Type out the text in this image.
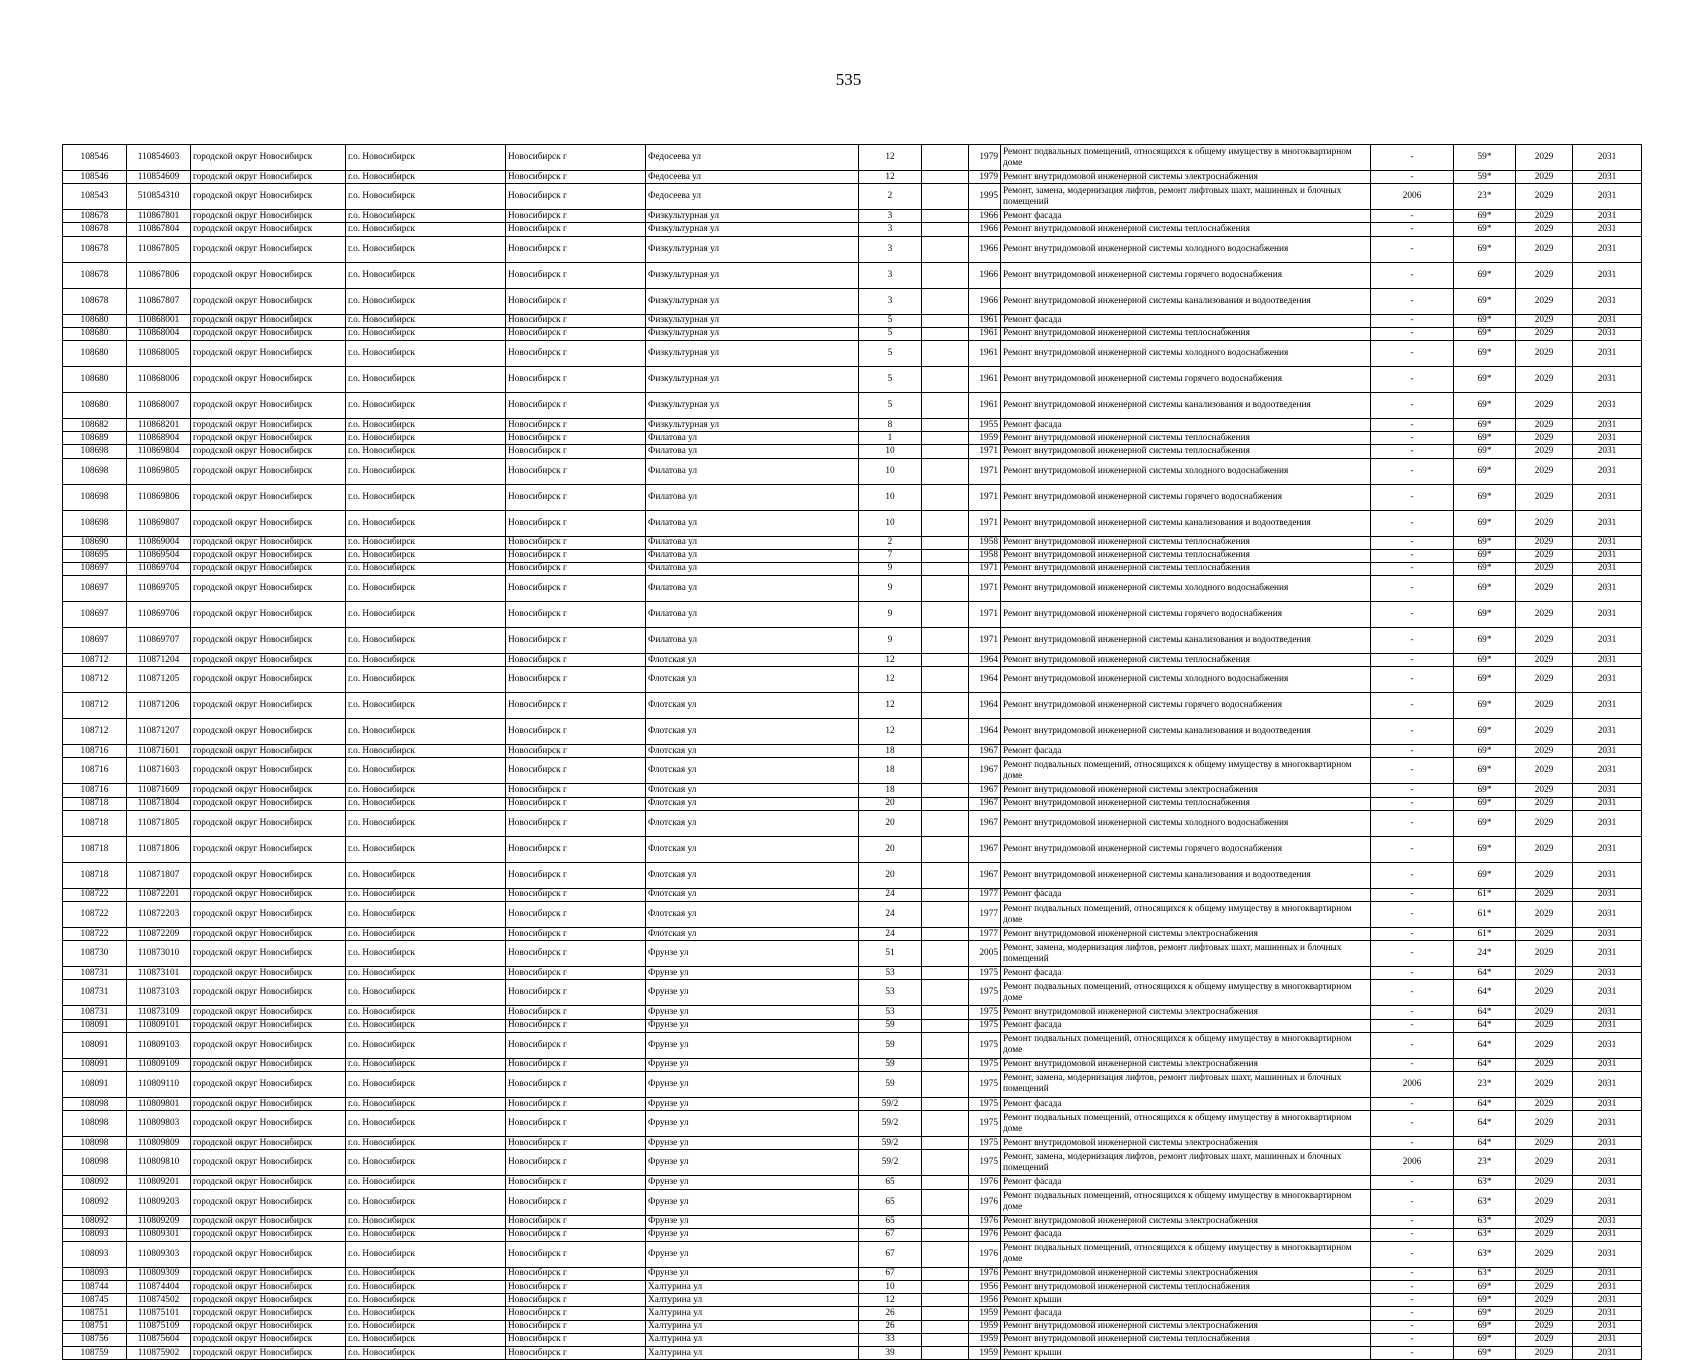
535
108546	110854603	городской округ Новосибирск	г.о. Новосибирск	Новосибирск г	Федосеева ул	12		1979	Ремонт подвальных помещений, относящихся к общему имуществу в многоквартирном доме	-	59*	2029	2031
108546	110854609	городской округ Новосибирск	г.о. Новосибирск	Новосибирск г	Федосеева ул	12		1979	Ремонт внутридомовой инженерной системы электроснабжения	-	59*	2029	2031
108543	510854310	городской округ Новосибирск	г.о. Новосибирск	Новосибирск г	Федосеева ул	2		1995	Ремонт, замена, модернизация лифтов, ремонт лифтовых шахт, машинных и блочных помещений	2006	23*	2029	2031
108678	110867801	городской округ Новосибирск	г.о. Новосибирск	Новосибирск г	Физкультурная ул	3		1966	Ремонт фасада	-	69*	2029	2031
108678	110867804	городской округ Новосибирск	г.о. Новосибирск	Новосибирск г	Физкультурная ул	3		1966	Ремонт внутридомовой инженерной системы теплоснабжения	-	69*	2029	2031
108678	110867805	городской округ Новосибирск	г.о. Новосибирск	Новосибирск г	Физкультурная ул	3		1966	Ремонт внутридомовой инженерной системы холодного водоснабжения	-	69*	2029	2031
108678	110867806	городской округ Новосибирск	г.о. Новосибирск	Новосибирск г	Физкультурная ул	3		1966	Ремонт внутридомовой инженерной системы горячего водоснабжения	-	69*	2029	2031
108678	110867807	городской округ Новосибирск	г.о. Новосибирск	Новосибирск г	Физкультурная ул	3		1966	Ремонт внутридомовой инженерной системы канализования и водоотведения	-	69*	2029	2031
108680	110868001	городской округ Новосибирск	г.о. Новосибирск	Новосибирск г	Физкультурная ул	5		1961	Ремонт фасада	-	69*	2029	2031
108680	110868004	городской округ Новосибирск	г.о. Новосибирск	Новосибирск г	Физкультурная ул	5		1961	Ремонт внутридомовой инженерной системы теплоснабжения	-	69*	2029	2031
108680	110868005	городской округ Новосибирск	г.о. Новосибирск	Новосибирск г	Физкультурная ул	5		1961	Ремонт внутридомовой инженерной системы холодного водоснабжения	-	69*	2029	2031
108680	110868006	городской округ Новосибирск	г.о. Новосибирск	Новосибирск г	Физкультурная ул	5		1961	Ремонт внутридомовой инженерной системы горячего водоснабжения	-	69*	2029	2031
108680	110868007	городской округ Новосибирск	г.о. Новосибирск	Новосибирск г	Физкультурная ул	5		1961	Ремонт внутридомовой инженерной системы канализования и водоотведения	-	69*	2029	2031
108682	110868201	городской округ Новосибирск	г.о. Новосибирск	Новосибирск г	Физкультурная ул	8		1955	Ремонт фасада	-	69*	2029	2031
108689	110868904	городской округ Новосибирск	г.о. Новосибирск	Новосибирск г	Филатова ул	1		1959	Ремонт внутридомовой инженерной системы теплоснабжения	-	69*	2029	2031
108698	110869804	городской округ Новосибирск	г.о. Новосибирск	Новосибирск г	Филатова ул	10		1971	Ремонт внутридомовой инженерной системы теплоснабжения	-	69*	2029	2031
108698	110869805	городской округ Новосибирск	г.о. Новосибирск	Новосибирск г	Филатова ул	10		1971	Ремонт внутридомовой инженерной системы холодного водоснабжения	-	69*	2029	2031
108698	110869806	городской округ Новосибирск	г.о. Новосибирск	Новосибирск г	Филатова ул	10		1971	Ремонт внутридомовой инженерной системы горячего водоснабжения	-	69*	2029	2031
108698	110869807	городской округ Новосибирск	г.о. Новосибирск	Новосибирск г	Филатова ул	10		1971	Ремонт внутридомовой инженерной системы канализования и водоотведения	-	69*	2029	2031
108690	110869004	городской округ Новосибирск	г.о. Новосибирск	Новосибирск г	Филатова ул	2		1958	Ремонт внутридомовой инженерной системы теплоснабжения	-	69*	2029	2031
108695	110869504	городской округ Новосибирск	г.о. Новосибирск	Новосибирск г	Филатова ул	7		1958	Ремонт внутридомовой инженерной системы теплоснабжения	-	69*	2029	2031
108697	110869704	городской округ Новосибирск	г.о. Новосибирск	Новосибирск г	Филатова ул	9		1971	Ремонт внутридомовой инженерной системы теплоснабжения	-	69*	2029	2031
108697	110869705	городской округ Новосибирск	г.о. Новосибирск	Новосибирск г	Филатова ул	9		1971	Ремонт внутридомовой инженерной системы холодного водоснабжения	-	69*	2029	2031
108697	110869706	городской округ Новосибирск	г.о. Новосибирск	Новосибирск г	Филатова ул	9		1971	Ремонт внутридомовой инженерной системы горячего водоснабжения	-	69*	2029	2031
108697	110869707	городской округ Новосибирск	г.о. Новосибирск	Новосибирск г	Филатова ул	9		1971	Ремонт внутридомовой инженерной системы канализования и водоотведения	-	69*	2029	2031
108712	110871204	городской округ Новосибирск	г.о. Новосибирск	Новосибирск г	Флотская ул	12		1964	Ремонт внутридомовой инженерной системы теплоснабжения	-	69*	2029	2031
108712	110871205	городской округ Новосибирск	г.о. Новосибирск	Новосибирск г	Флотская ул	12		1964	Ремонт внутридомовой инженерной системы холодного водоснабжения	-	69*	2029	2031
108712	110871206	городской округ Новосибирск	г.о. Новосибирск	Новосибирск г	Флотская ул	12		1964	Ремонт внутридомовой инженерной системы горячего водоснабжения	-	69*	2029	2031
108712	110871207	городской округ Новосибирск	г.о. Новосибирск	Новосибирск г	Флотская ул	12		1964	Ремонт внутридомовой инженерной системы канализования и водоотведения	-	69*	2029	2031
108716	110871601	городской округ Новосибирск	г.о. Новосибирск	Новосибирск г	Флотская ул	18		1967	Ремонт фасада	-	69*	2029	2031
108716	110871603	городской округ Новосибирск	г.о. Новосибирск	Новосибирск г	Флотская ул	18		1967	Ремонт подвальных помещений, относящихся к общему имуществу в многоквартирном доме	-	69*	2029	2031
108716	110871609	городской округ Новосибирск	г.о. Новосибирск	Новосибирск г	Флотская ул	18		1967	Ремонт внутридомовой инженерной системы электроснабжения	-	69*	2029	2031
108718	110871804	городской округ Новосибирск	г.о. Новосибирск	Новосибирск г	Флотская ул	20		1967	Ремонт внутридомовой инженерной системы теплоснабжения	-	69*	2029	2031
108718	110871805	городской округ Новосибирск	г.о. Новосибирск	Новосибирск г	Флотская ул	20		1967	Ремонт внутридомовой инженерной системы холодного водоснабжения	-	69*	2029	2031
108718	110871806	городской округ Новосибирск	г.о. Новосибирск	Новосибирск г	Флотская ул	20		1967	Ремонт внутридомовой инженерной системы горячего водоснабжения	-	69*	2029	2031
108718	110871807	городской округ Новосибирск	г.о. Новосибирск	Новосибирск г	Флотская ул	20		1967	Ремонт внутридомовой инженерной системы канализования и водоотведения	-	69*	2029	2031
108722	110872201	городской округ Новосибирск	г.о. Новосибирск	Новосибирск г	Флотская ул	24		1977	Ремонт фасада	-	61*	2029	2031
108722	110872203	городской округ Новосибирск	г.о. Новосибирск	Новосибирск г	Флотская ул	24		1977	Ремонт подвальных помещений, относящихся к общему имуществу в многоквартирном доме	-	61*	2029	2031
108722	110872209	городской округ Новосибирск	г.о. Новосибирск	Новосибирск г	Флотская ул	24		1977	Ремонт внутридомовой инженерной системы электроснабжения	-	61*	2029	2031
108730	110873010	городской округ Новосибирск	г.о. Новосибирск	Новосибирск г	Фрунзе ул	51		2005	Ремонт, замена, модернизация лифтов, ремонт лифтовых шахт, машинных и блочных помещений	-	24*	2029	2031
108731	110873101	городской округ Новосибирск	г.о. Новосибирск	Новосибирск г	Фрунзе ул	53		1975	Ремонт фасада	-	64*	2029	2031
108731	110873103	городской округ Новосибирск	г.о. Новосибирск	Новосибирск г	Фрунзе ул	53		1975	Ремонт подвальных помещений, относящихся к общему имуществу в многоквартирном доме	-	64*	2029	2031
108731	110873109	городской округ Новосибирск	г.о. Новосибирск	Новосибирск г	Фрунзе ул	53		1975	Ремонт внутридомовой инженерной системы электроснабжения	-	64*	2029	2031
108091	110809101	городской округ Новосибирск	г.о. Новосибирск	Новосибирск г	Фрунзе ул	59		1975	Ремонт фасада	-	64*	2029	2031
108091	110809103	городской округ Новосибирск	г.о. Новосибирск	Новосибирск г	Фрунзе ул	59		1975	Ремонт подвальных помещений, относящихся к общему имуществу в многоквартирном доме	-	64*	2029	2031
108091	110809109	городской округ Новосибирск	г.о. Новосибирск	Новосибирск г	Фрунзе ул	59		1975	Ремонт внутридомовой инженерной системы электроснабжения	-	64*	2029	2031
108091	110809110	городской округ Новосибирск	г.о. Новосибирск	Новосибирск г	Фрунзе ул	59		1975	Ремонт, замена, модернизация лифтов, ремонт лифтовых шахт, машинных и блочных помещений	2006	23*	2029	2031
108098	110809801	городской округ Новосибирск	г.о. Новосибирск	Новосибирск г	Фрунзе ул	59/2		1975	Ремонт фасада	-	64*	2029	2031
108098	110809803	городской округ Новосибирск	г.о. Новосибирск	Новосибирск г	Фрунзе ул	59/2		1975	Ремонт подвальных помещений, относящихся к общему имуществу в многоквартирном доме	-	64*	2029	2031
108098	110809809	городской округ Новосибирск	г.о. Новосибирск	Новосибирск г	Фрунзе ул	59/2		1975	Ремонт внутридомовой инженерной системы электроснабжения	-	64*	2029	2031
108098	110809810	городской округ Новосибирск	г.о. Новосибирск	Новосибирск г	Фрунзе ул	59/2		1975	Ремонт, замена, модернизация лифтов, ремонт лифтовых шахт, машинных и блочных помещений	2006	23*	2029	2031
108092	110809201	городской округ Новосибирск	г.о. Новосибирск	Новосибирск г	Фрунзе ул	65		1976	Ремонт фасада	-	63*	2029	2031
108092	110809203	городской округ Новосибирск	г.о. Новосибирск	Новосибирск г	Фрунзе ул	65		1976	Ремонт подвальных помещений, относящихся к общему имуществу в многоквартирном доме	-	63*	2029	2031
108092	110809209	городской округ Новосибирск	г.о. Новосибирск	Новосибирск г	Фрунзе ул	65		1976	Ремонт внутридомовой инженерной системы электроснабжения	-	63*	2029	2031
108093	110809301	городской округ Новосибирск	г.о. Новосибирск	Новосибирск г	Фрунзе ул	67		1976	Ремонт фасада	-	63*	2029	2031
108093	110809303	городской округ Новосибирск	г.о. Новосибирск	Новосибирск г	Фрунзе ул	67		1976	Ремонт подвальных помещений, относящихся к общему имуществу в многоквартирном доме	-	63*	2029	2031
108093	110809309	городской округ Новосибирск	г.о. Новосибирск	Новосибирск г	Фрунзе ул	67		1976	Ремонт внутридомовой инженерной системы электроснабжения	-	63*	2029	2031
108744	110874404	городской округ Новосибирск	г.о. Новосибирск	Новосибирск г	Халтурина ул	10		1956	Ремонт внутридомовой инженерной системы теплоснабжения	-	69*	2029	2031
108745	110874502	городской округ Новосибирск	г.о. Новосибирск	Новосибирск г	Халтурина ул	12		1956	Ремонт крыши	-	69*	2029	2031
108751	110875101	городской округ Новосибирск	г.о. Новосибирск	Новосибирск г	Халтурина ул	26		1959	Ремонт фасада	-	69*	2029	2031
108751	110875109	городской округ Новосибирск	г.о. Новосибирск	Новосибирск г	Халтурина ул	26		1959	Ремонт внутридомовой инженерной системы электроснабжения	-	69*	2029	2031
108756	110875604	городской округ Новосибирск	г.о. Новосибирск	Новосибирск г	Халтурина ул	33		1959	Ремонт внутридомовой инженерной системы теплоснабжения	-	69*	2029	2031
108759	110875902	городской округ Новосибирск	г.о. Новосибирск	Новосибирск г	Халтурина ул	39		1959	Ремонт крыши	-	69*	2029	2031
